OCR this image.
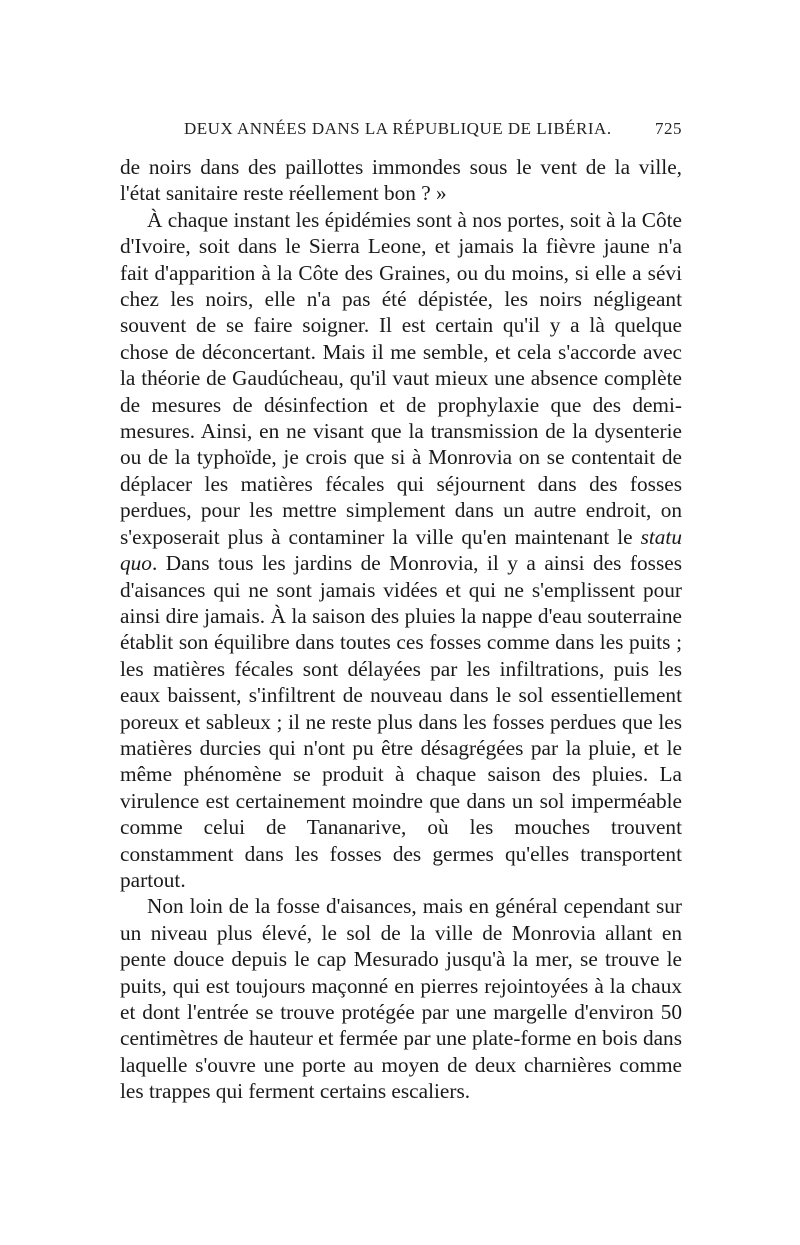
DEUX ANNÉES DANS LA RÉPUBLIQUE DE LIBÉRIA.	725

de noirs dans des paillottes immondes sous le vent de la ville, l'état sanitaire reste réellement bon ? »

À chaque instant les épidémies sont à nos portes, soit à la Côte d'Ivoire, soit dans le Sierra Leone, et jamais la fièvre jaune n'a fait d'apparition à la Côte des Graines, ou du moins, si elle a sévi chez les noirs, elle n'a pas été dépistée, les noirs négligeant souvent de se faire soigner. Il est certain qu'il y a là quelque chose de déconcertant. Mais il me semble, et cela s'accorde avec la théorie de Gaudúcheau, qu'il vaut mieux une absence complète de mesures de désinfection et de prophylaxie que des demi-mesures. Ainsi, en ne visant que la transmission de la dysenterie ou de la typhoïde, je crois que si à Monrovia on se contentait de déplacer les matières fécales qui séjournent dans des fosses perdues, pour les mettre simplement dans un autre endroit, on s'exposerait plus à contaminer la ville qu'en maintenant le statu quo. Dans tous les jardins de Monrovia, il y a ainsi des fosses d'aisances qui ne sont jamais vidées et qui ne s'emplissent pour ainsi dire jamais. À la saison des pluies la nappe d'eau souterraine établit son équilibre dans toutes ces fosses comme dans les puits ; les matières fécales sont délayées par les infiltrations, puis les eaux baissent, s'infiltrent de nouveau dans le sol essentiellement poreux et sableux ; il ne reste plus dans les fosses perdues que les matières durcies qui n'ont pu être désagrégées par la pluie, et le même phénomène se produit à chaque saison des pluies. La virulence est certainement moindre que dans un sol imperméable comme celui de Tananarive, où les mouches trouvent constamment dans les fosses des germes qu'elles transportent partout.

Non loin de la fosse d'aisances, mais en général cependant sur un niveau plus élevé, le sol de la ville de Monrovia allant en pente douce depuis le cap Mesurado jusqu'à la mer, se trouve le puits, qui est toujours maçonné en pierres rejointoyées à la chaux et dont l'entrée se trouve protégée par une margelle d'environ 50 centimètres de hauteur et fermée par une plate-forme en bois dans laquelle s'ouvre une porte au moyen de deux charnières comme les trappes qui ferment certains escaliers.
